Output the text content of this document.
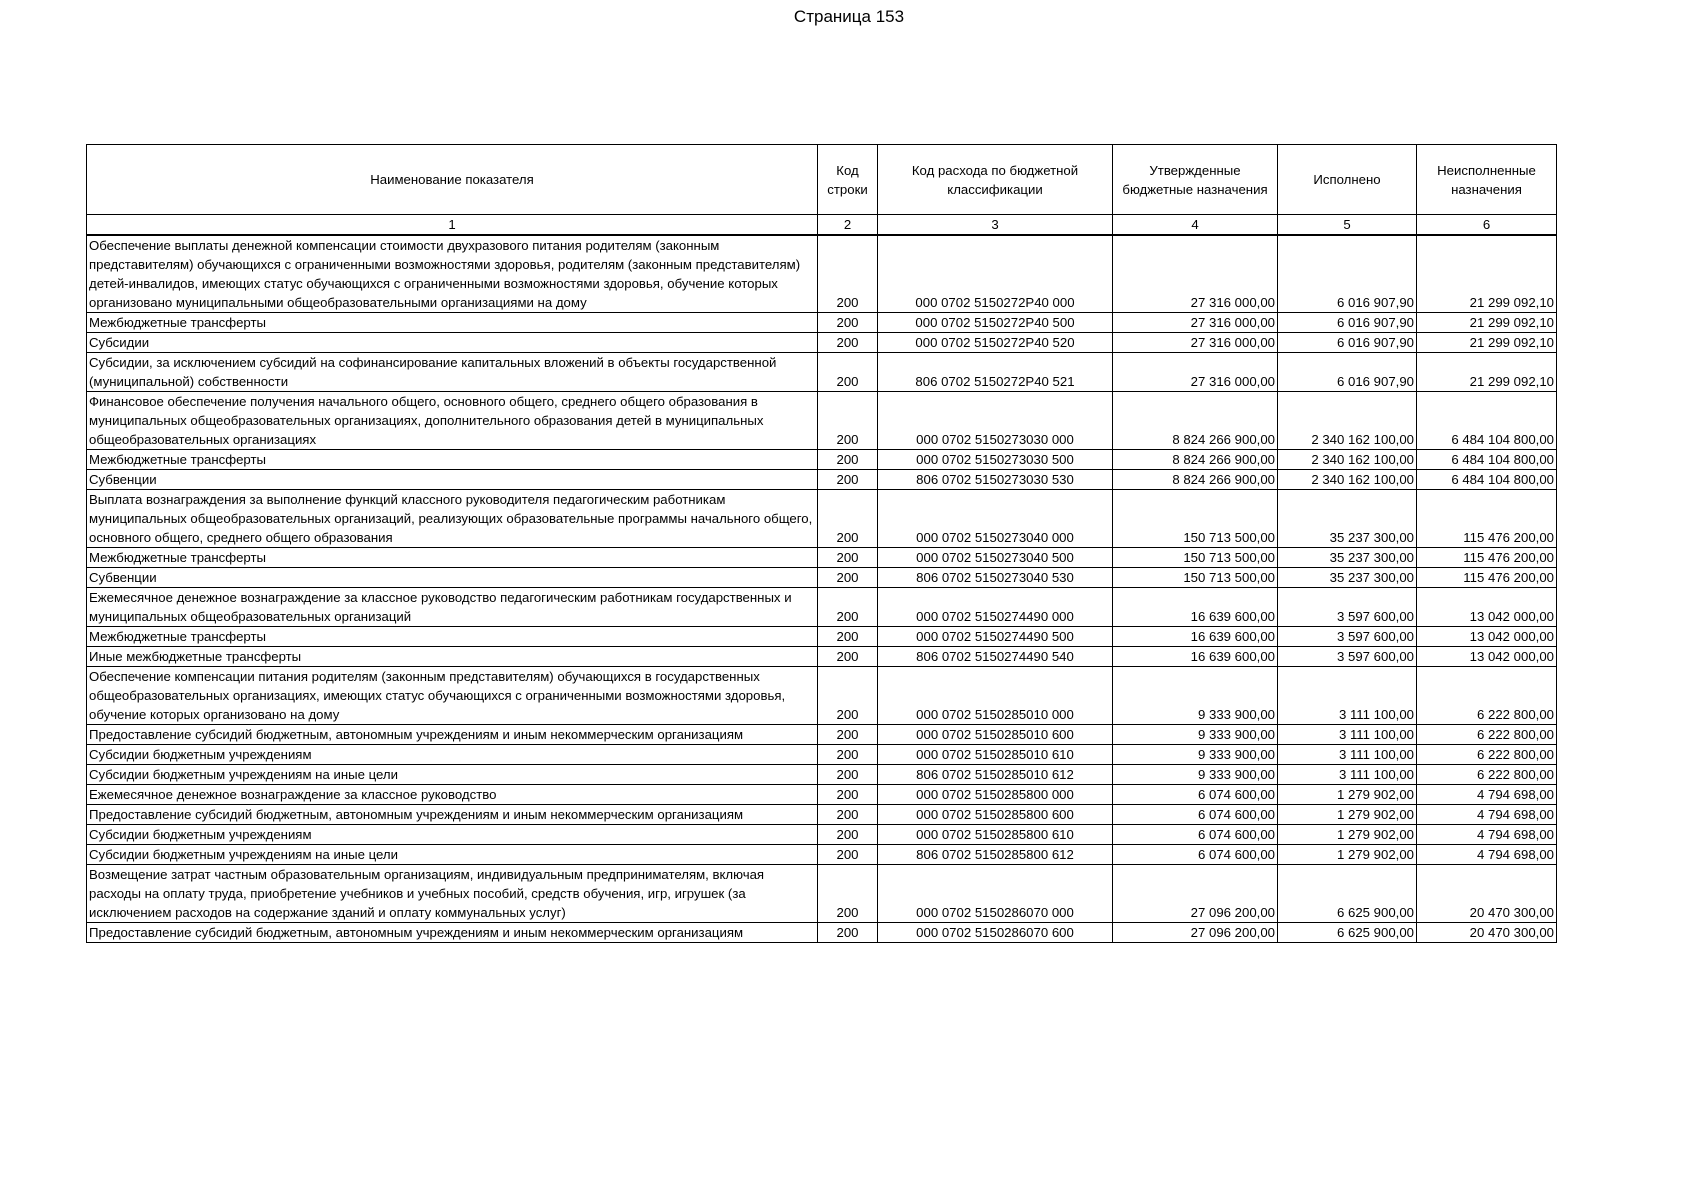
Страница 153
Наименование показателя	Код строки	Код расхода по бюджетной классификации	Утвержденные бюджетные назначения	Исполнено	Неисполненные назначения
1	2	3	4	5	6
Обеспечение выплаты денежной компенсации стоимости двухразового питания родителям (законным представителям) обучающихся с ограниченными возможностями здоровья, родителям (законным представителям) детей-инвалидов, имеющих статус обучающихся с ограниченными возможностями здоровья, обучение которых организовано муниципальными общеобразовательными организациями на дому	200	000 0702 5150272P40 000	27 316 000,00	6 016 907,90	21 299 092,10
Межбюджетные трансферты	200	000 0702 5150272P40 500	27 316 000,00	6 016 907,90	21 299 092,10
Субсидии	200	000 0702 5150272P40 520	27 316 000,00	6 016 907,90	21 299 092,10
Субсидии, за исключением субсидий на софинансирование капитальных вложений в объекты государственной (муниципальной) собственности	200	806 0702 5150272P40 521	27 316 000,00	6 016 907,90	21 299 092,10
Финансовое обеспечение получения начального общего, основного общего, среднего общего образования в муниципальных общеобразовательных организациях, дополнительного образования детей в муниципальных общеобразовательных организациях	200	000 0702 5150273030 000	8 824 266 900,00	2 340 162 100,00	6 484 104 800,00
Межбюджетные трансферты	200	000 0702 5150273030 500	8 824 266 900,00	2 340 162 100,00	6 484 104 800,00
Субвенции	200	806 0702 5150273030 530	8 824 266 900,00	2 340 162 100,00	6 484 104 800,00
Выплата вознаграждения за выполнение функций классного руководителя педагогическим работникам муниципальных общеобразовательных организаций, реализующих образовательные программы начального общего, основного общего, среднего общего образования	200	000 0702 5150273040 000	150 713 500,00	35 237 300,00	115 476 200,00
Межбюджетные трансферты	200	000 0702 5150273040 500	150 713 500,00	35 237 300,00	115 476 200,00
Субвенции	200	806 0702 5150273040 530	150 713 500,00	35 237 300,00	115 476 200,00
Ежемесячное денежное вознаграждение за классное руководство педагогическим работникам государственных и муниципальных общеобразовательных организаций	200	000 0702 5150274490 000	16 639 600,00	3 597 600,00	13 042 000,00
Межбюджетные трансферты	200	000 0702 5150274490 500	16 639 600,00	3 597 600,00	13 042 000,00
Иные межбюджетные трансферты	200	806 0702 5150274490 540	16 639 600,00	3 597 600,00	13 042 000,00
Обеспечение компенсации питания родителям (законным представителям) обучающихся в государственных общеобразовательных организациях, имеющих статус обучающихся с ограниченными возможностями здоровья, обучение которых организовано на дому	200	000 0702 5150285010 000	9 333 900,00	3 111 100,00	6 222 800,00
Предоставление субсидий бюджетным, автономным учреждениям и иным некоммерческим организациям	200	000 0702 5150285010 600	9 333 900,00	3 111 100,00	6 222 800,00
Субсидии бюджетным учреждениям	200	000 0702 5150285010 610	9 333 900,00	3 111 100,00	6 222 800,00
Субсидии бюджетным учреждениям на иные цели	200	806 0702 5150285010 612	9 333 900,00	3 111 100,00	6 222 800,00
Ежемесячное денежное вознаграждение за классное руководство	200	000 0702 5150285800 000	6 074 600,00	1 279 902,00	4 794 698,00
Предоставление субсидий бюджетным, автономным учреждениям и иным некоммерческим организациям	200	000 0702 5150285800 600	6 074 600,00	1 279 902,00	4 794 698,00
Субсидии бюджетным учреждениям	200	000 0702 5150285800 610	6 074 600,00	1 279 902,00	4 794 698,00
Субсидии бюджетным учреждениям на иные цели	200	806 0702 5150285800 612	6 074 600,00	1 279 902,00	4 794 698,00
Возмещение затрат частным образовательным организациям, индивидуальным предпринимателям, включая расходы на оплату труда, приобретение учебников и учебных пособий, средств обучения, игр, игрушек (за исключением расходов на содержание зданий и оплату коммунальных услуг)	200	000 0702 5150286070 000	27 096 200,00	6 625 900,00	20 470 300,00
Предоставление субсидий бюджетным, автономным учреждениям и иным некоммерческим организациям	200	000 0702 5150286070 600	27 096 200,00	6 625 900,00	20 470 300,00
